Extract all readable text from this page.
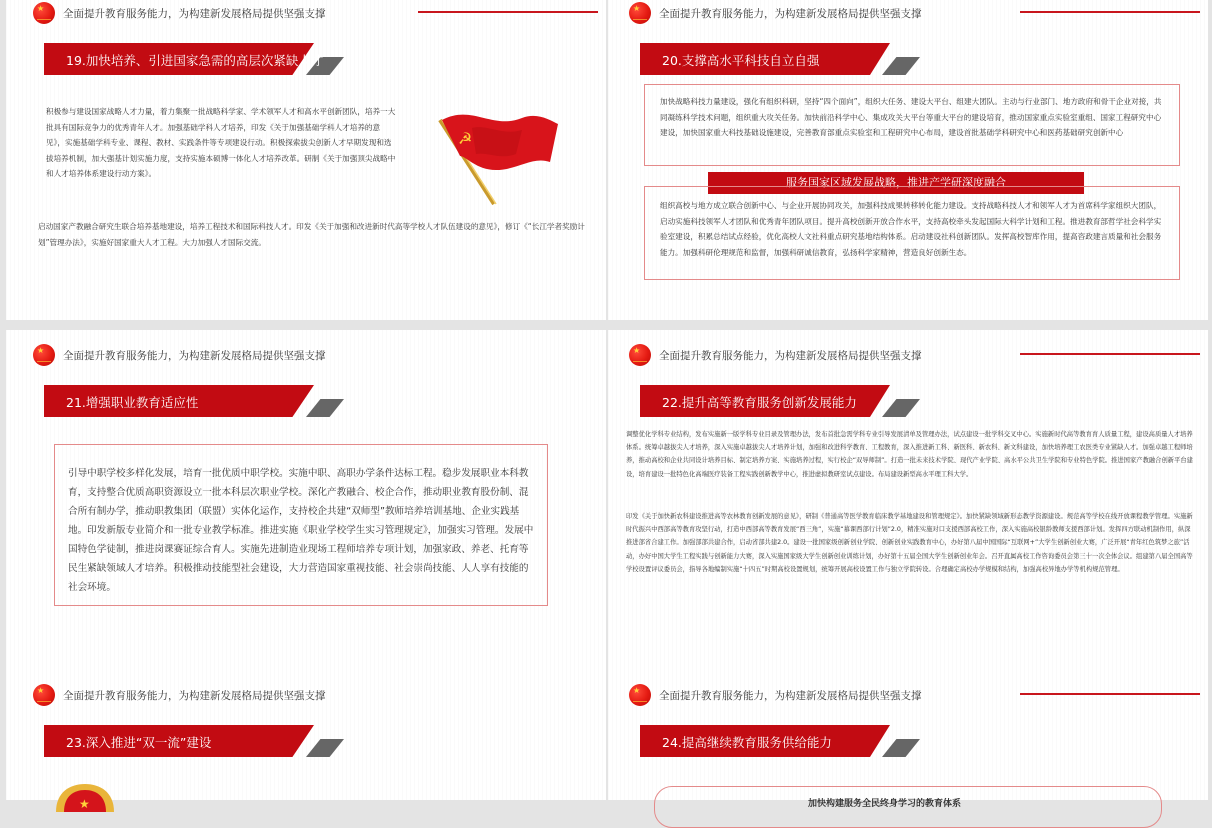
★
全面提升教育服务能力，为构建新发展格局提供坚强支撑
19.加快培养、引进国家急需的高层次紧缺人才
积极参与建设国家战略人才力量，着力集聚一批战略科学家、学术领军人才和高水平创新团队，培养一大批具有国际竞争力的优秀青年人才。加强基础学科人才培养，印发《关于加强基础学科人才培养的意见》，实施基础学科专业、课程、教材、实践条件等专项建设行动。积极探索拔尖创新人才早期发现和选拔培养机制，加大强基计划实施力度，支持实施本硕博一体化人才培养改革。研制《关于加强顶尖战略中和人才培养体系建设行动方案》。
☭
启动国家产教融合研究生联合培养基地建设，培养工程技术和国际科技人才。印发《关于加强和改进新时代高等学校人才队伍建设的意见》，修订《“长江学者奖励计划”管理办法》，实施好国家重大人才工程。大力加强人才国际交流。
★
全面提升教育服务能力，为构建新发展格局提供坚强支撑
20.支撑高水平科技自立自强
加快战略科技力量建设，强化有组织科研，坚持“四个面向”，组织大任务、建设大平台、组建大团队。主动与行业部门、地方政府和骨干企业对接，共同凝练科学技术问题，组织重大攻关任务。加快前沿科学中心、集成攻关大平台等重大平台的建设培育，推动国家重点实验室重组、国家工程研究中心建设，加快国家重大科技基础设施建设，完善教育部重点实验室和工程研究中心布局，建设首批基础学科研究中心和医药基础研究创新中心
服务国家区域发展战略，推进产学研深度融合
组织高校与地方成立联合创新中心、与企业开展协同攻关，加强科技成果转移转化能力建设。支持战略科技人才和领军人才为首席科学家组织大团队，启动实施科技领军人才团队和优秀青年团队项目。提升高校创新开放合作水平，支持高校牵头发起国际大科学计划和工程。推进教育部哲学社会科学实验室建设，积累总结试点经验，优化高校人文社科重点研究基地结构体系。启动建设社科创新团队。发挥高校智库作用，提高咨政建言质量和社会服务能力。加强科研伦理规范和监督，加强科研诚信教育，弘扬科学家精神，营造良好创新生态。
★
全面提升教育服务能力，为构建新发展格局提供坚强支撑
21.增强职业教育适应性
引导中职学校多样化发展，培育一批优质中职学校。实施中职、高职办学条件达标工程。稳步发展职业本科教育，支持整合优质高职资源设立一批本科层次职业学校。深化产教融合、校企合作，推动职业教育股份制、混合所有制办学，推动职教集团（联盟）实体化运作，支持校企共建“双师型”教师培养培训基地、企业实践基地。印发新版专业简介和一批专业教学标准。推进实施《职业学校学生实习管理规定》，加强实习管理。发展中国特色学徒制，推进岗课赛证综合育人。实施先进制造业现场工程师培养专项计划，加强家政、养老、托育等民生紧缺领域人才培养。积极推动技能型社会建设，大力营造国家重视技能、社会崇尚技能、人人享有技能的社会环境。
★
全面提升教育服务能力，为构建新发展格局提供坚强支撑
22.提升高等教育服务创新发展能力
调整优化学科专业结构，发布实施新一版学科专业目录及管理办法，发布首批急需学科专业引导发展清单及管理办法，试点建设一批学科交叉中心。实施新时代高等教育育人质量工程，建设高质量人才培养体系。统筹卓越拔尖人才培养，深入实施卓越拔尖人才培养计划，加强和改进科学教育、工程教育，深入推进新工科、新医科、新农科、新文科建设，加快培养理工农医类专业紧缺人才。加强卓越工程师培养，推动高校和企业共同设计培养目标、制定培养方案、实施培养过程，实行校企“双导师制”。打造一批未来技术学院、现代产业学院、高水平公共卫生学院和专业特色学院。推进国家产教融合创新平台建设，培育建设一批特色化高端医疗装备工程实践创新教学中心，推进虚拟教研室试点建设。布局建设新型高水平理工科大学。
印发《关于加快新农科建设推进高等农林教育创新发展的意见》，研制《普通高等医学教育临床教学基地建设和管理规定》。加快紧缺领域新形态教学资源建设。规范高等学校在线开放课程教学管理。实施新时代振兴中西部高等教育攻坚行动，打造中西部高等教育发展“西三角”，实施“慕课西部行计划”2.0，精准实施对口支援西部高校工作，深入实施高校银龄教师支援西部计划。发挥四方联动机制作用，纵深推进部省合建工作。加强部部共建合作，启动省部共建2.0。建设一批国家级创新创业学院、创新创业实践教育中心，办好第八届中国国际“互联网+”大学生创新创业大赛，广泛开展“青年红色筑梦之旅”活动，办好中国大学生工程实践与创新能力大赛，深入实施国家级大学生创新创业训练计划，办好第十五届全国大学生创新创业年会。召开直属高校工作咨询委员会第三十一次全体会议。组建第八届全国高等学校设置评议委员会，指导各地编制实施“十四五”时期高校设置规划，统筹开展高校设置工作与独立学院转设。合理确定高校办学规模和结构，加强高校异地办学等机构规范管理。
★
全面提升教育服务能力，为构建新发展格局提供坚强支撑
23.深入推进“双一流”建设
★
★
全面提升教育服务能力，为构建新发展格局提供坚强支撑
24.提高继续教育服务供给能力
加快构建服务全民终身学习的教育体系
